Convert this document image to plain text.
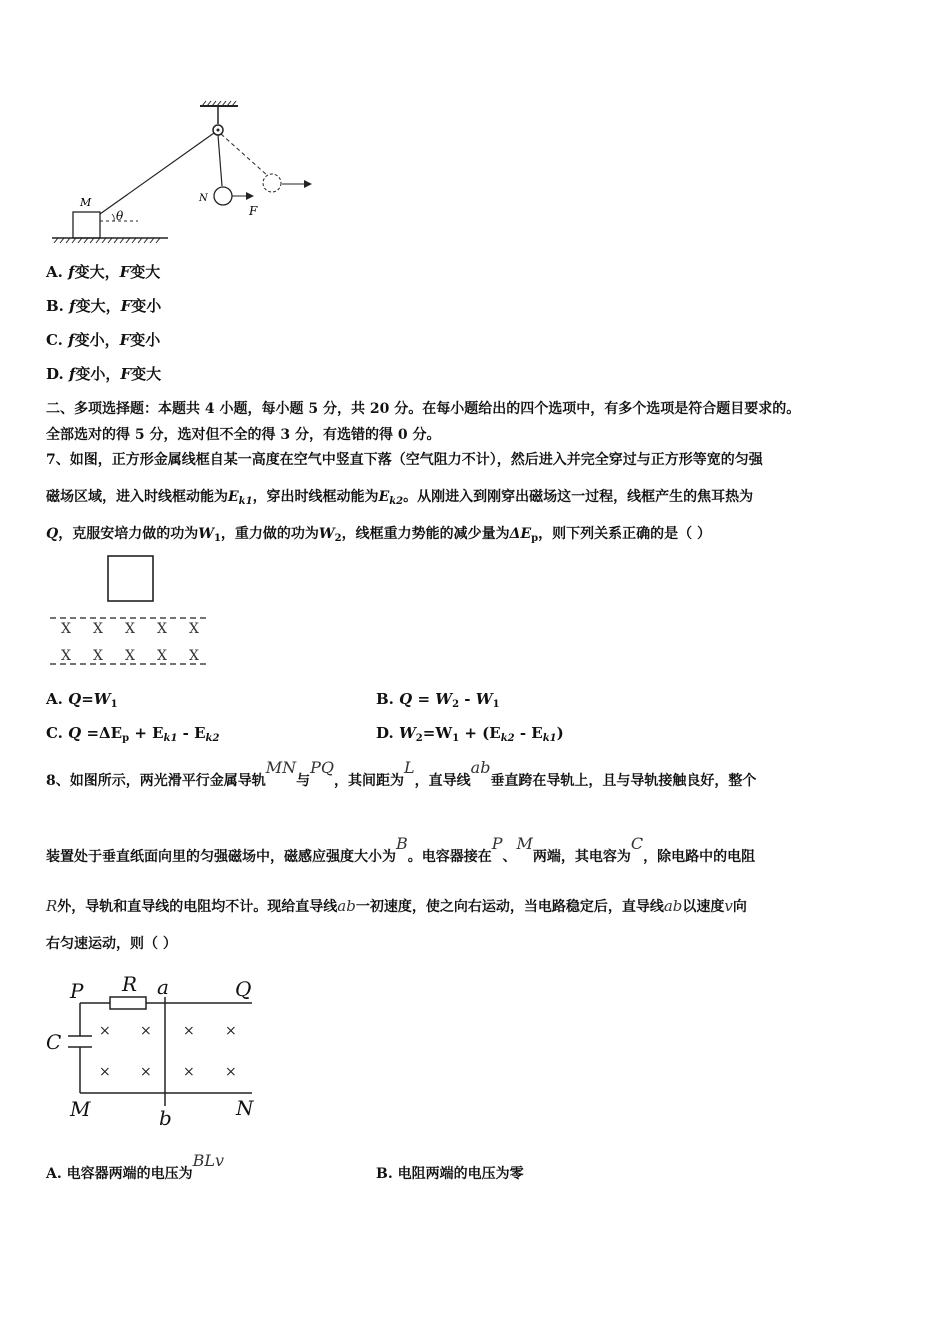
M	N
F
θ
A. f变大，F变大
B. f变大，F变小
C. f变小，F变小
D. f变小，F变大
二、多项选择题：本题共 4 小题，每小题 5 分，共 20 分。在每小题给出的四个选项中，有多个选项是符合题目要求的。
全部选对的得 5 分，选对但不全的得 3 分，有选错的得 0 分。
7、如图，正方形金属线框自某一高度在空气中竖直下落（空气阻力不计），然后进入并完全穿过与正方形等宽的匀强
磁场区域，进入时线框动能为$E_{k1}$，穿出时线框动能为$E_{k2}$。从刚进入到刚穿出磁场这一过程，线框产生的焦耳热为
Q，克服安培力做的功为$W_1$，重力做的功为$W_2$，线框重力势能的减少量为$\Delta E_p$，则下列关系正确的是（ ）
X X X X X
X X X X X
A. $Q=W_1$	B. $Q = W_2 - W_1$
C. $Q =\Delta E_p + E_{k1} - E_{k2}$	D. $W_2=W_1 + (E_{k2} - E_{k1})$
8、如图所示，两光滑平行金属导轨MN与PQ，其间距为L，直导线ab垂直跨在导轨上，且与导轨接触良好，整个
装置处于垂直纸面向里的匀强磁场中，磁感应强度大小为B。电容器接在P、M两端，其电容为C，除电路中的电阻
R外，导轨和直导线的电阻均不计。现给直导线ab一初速度，使之向右运动，当电路稳定后，直导线ab以速度v向
右匀速运动，则（ ）
× × × ×
× × × ×
P R a	Q
C
M	b	N
A. 电容器两端的电压为BLv
B. 电阻两端的电压为零
